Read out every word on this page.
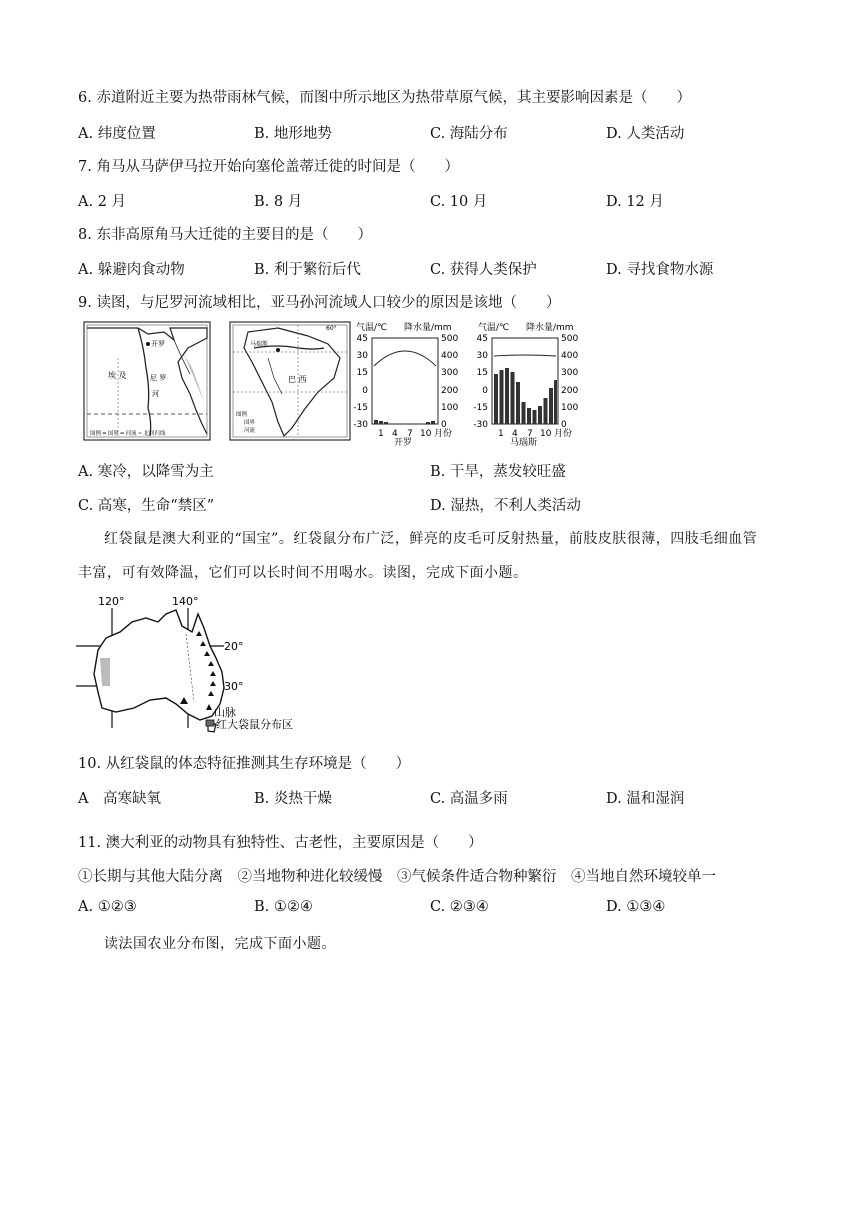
6. 赤道附近主要为热带雨林气候，而图中所示地区为热带草原气候，其主要影响因素是（　　）
A. 纬度位置	B. 地形地势	C. 海陆分布	D. 人类活动
7. 角马从马萨伊马拉开始向塞伦盖蒂迁徙的时间是（　　）
A. 2 月	B. 8 月	C. 10 月	D. 12 月
8. 东非高原角马大迁徙的主要目的是（　　）
A. 躲避肉食动物	B. 利于繁衍后代	C. 获得人类保护	D. 寻找食物水源
9. 读图，与尼罗河流域相比，亚马孙河流域人口较少的原因是该地（　　）
开罗
埃 及	尼 罗
河
图例 ━ 国界 ━ 河流 ┅ 北回归线
马瑞斯
巴 西
60°
图例
国界
河流
气温/℃ 降水量/mm
45
30
15
0
-15
-30
500
400
300
200
100
0
1 4 7 10 月份
开罗
气温/℃ 降水量/mm
45
30
15
0
-15
-30
500
400
300
200
100
0
1 4 7 10 月份
马瑙斯
A. 寒冷，以降雪为主	B. 干旱，蒸发较旺盛
C. 高寒，生命“禁区”	D. 湿热，不利人类活动
红袋鼠是澳大利亚的“国宝”。红袋鼠分布广泛，鲜亮的皮毛可反射热量，前肢皮肤很薄，四肢毛细血管
丰富，可有效降温，它们可以长时间不用喝水。读图，完成下面小题。
120°	140°
20°
30°
山脉
红大袋鼠分布区
10. 从红袋鼠的体态特征推测其生存环境是（　　）
A　高寒缺氧	B. 炎热干燥	C. 高温多雨	D. 温和湿润
11. 澳大利亚的动物具有独特性、古老性，主要原因是（　　）
①长期与其他大陆分离　②当地物种进化较缓慢　③气候条件适合物种繁衍　④当地自然环境较单一
A. ①②③	B. ①②④	C. ②③④	D. ①③④
读法国农业分布图，完成下面小题。
